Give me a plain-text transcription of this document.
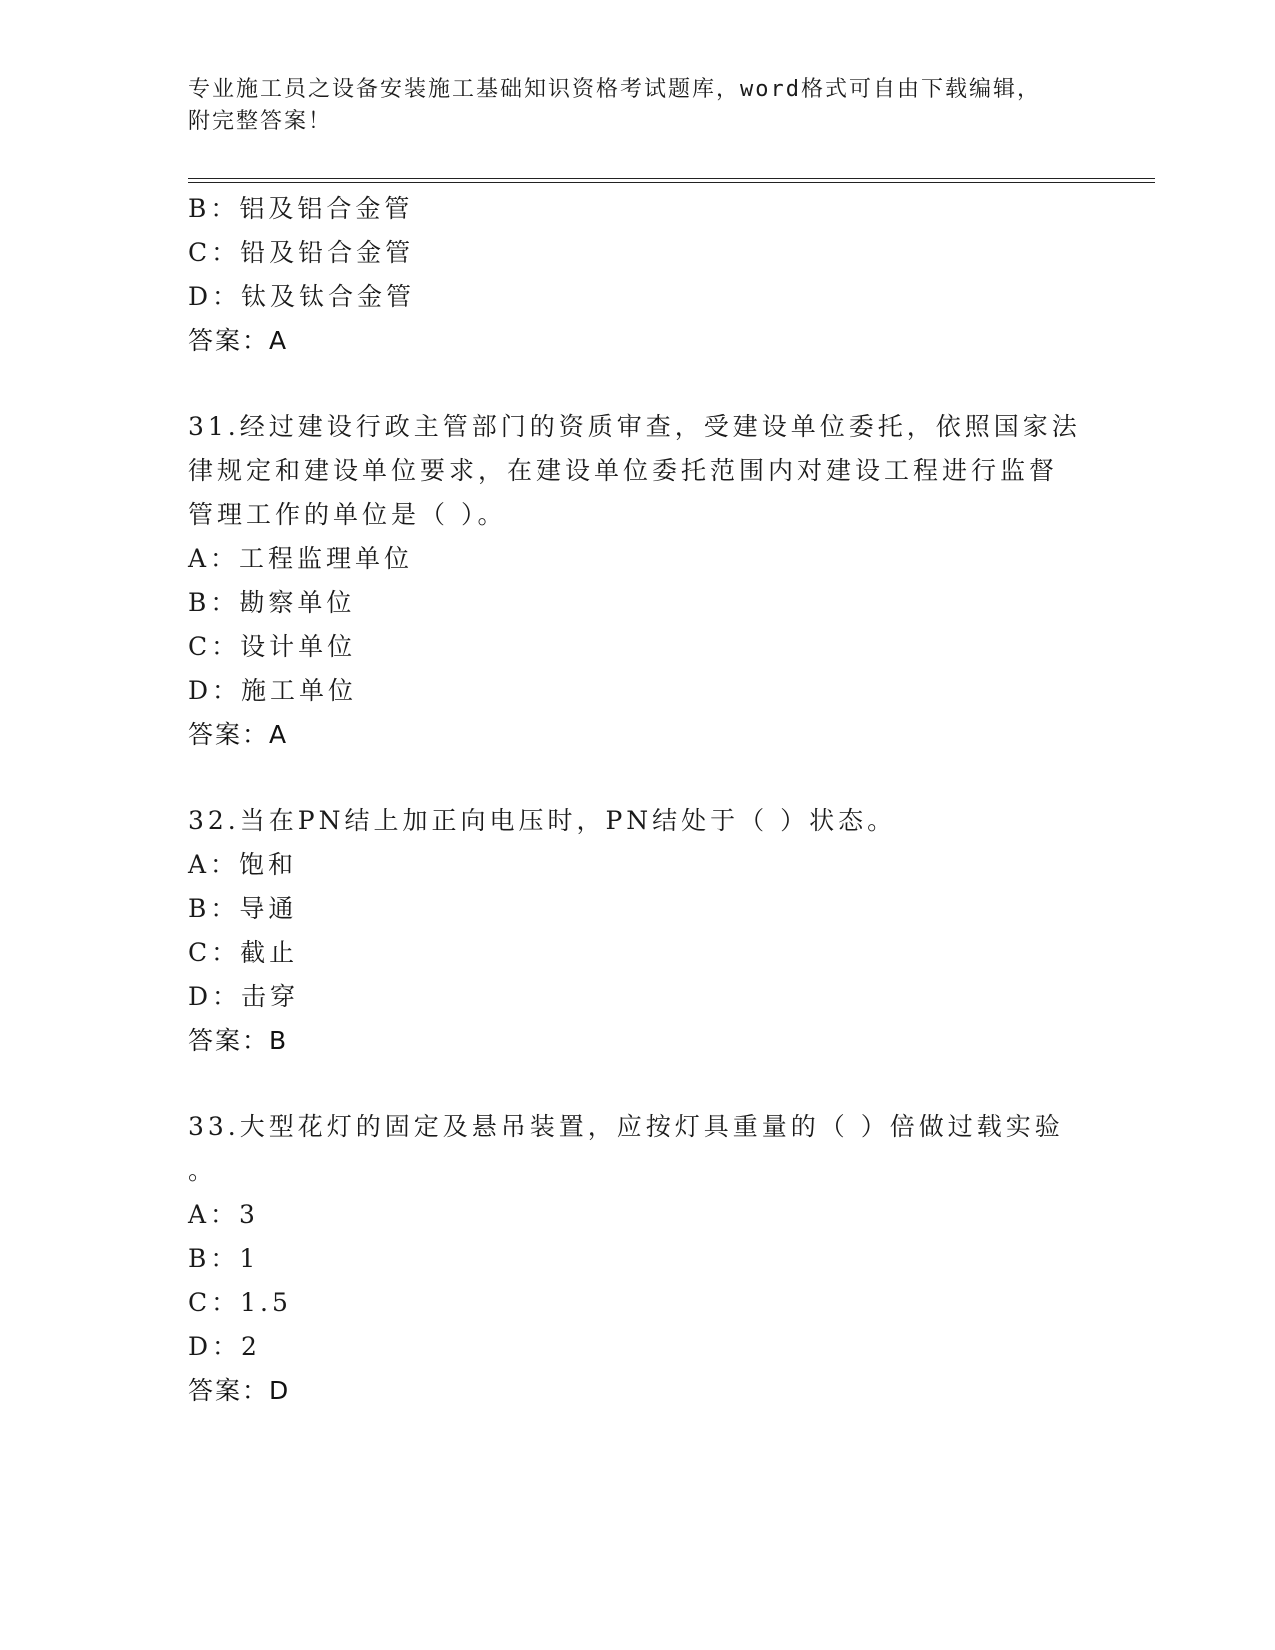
专业施工员之设备安装施工基础知识资格考试题库，word格式可自由下载编辑，
附完整答案！
B：铝及铝合金管
C：铅及铅合金管
D：钛及钛合金管
答案：A
31.经过建设行政主管部门的资质审查，受建设单位委托，依照国家法
律规定和建设单位要求，在建设单位委托范围内对建设工程进行监督
管理工作的单位是（ ）。
A：工程监理单位
B：勘察单位
C：设计单位
D：施工单位
答案：A
32.当在PN结上加正向电压时，PN结处于（ ）状态。
A：饱和
B：导通
C：截止
D：击穿
答案：B
33.大型花灯的固定及悬吊装置，应按灯具重量的（ ）倍做过载实验
。
A：3
B：1
C：1.5
D：2
答案：D
